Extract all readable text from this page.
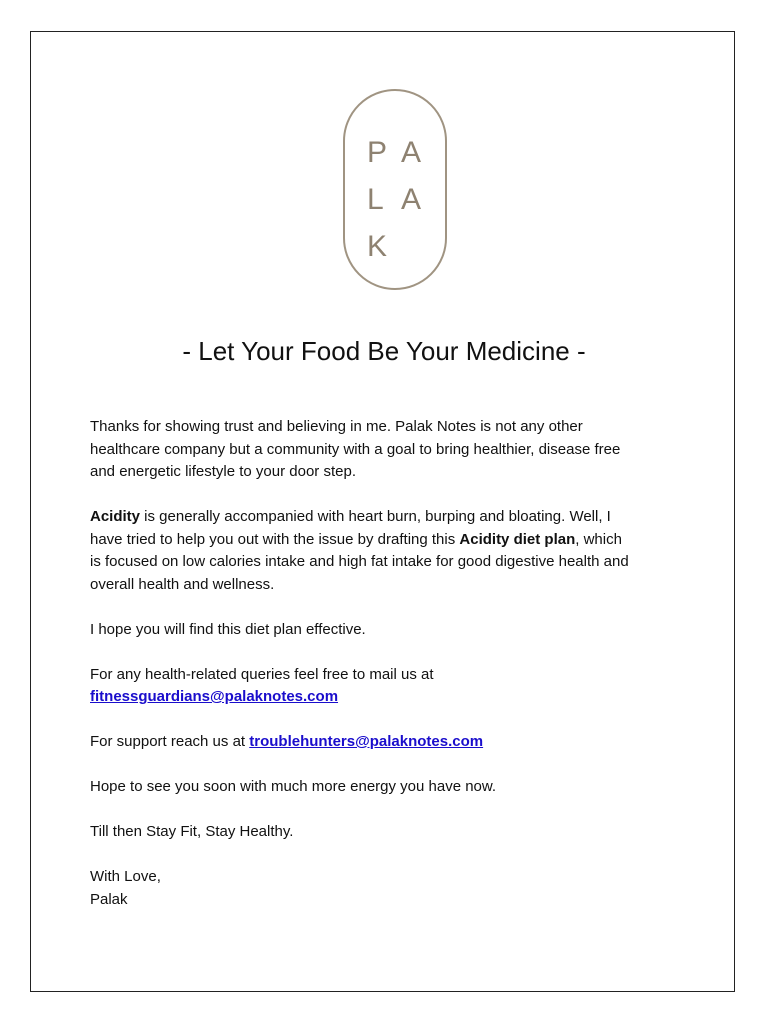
P A
L A
K
- Let Your Food Be Your Medicine -

Thanks for showing trust and believing in me. Palak Notes is not any other
healthcare company but a community with a goal to bring healthier, disease free
and energetic lifestyle to your door step.

Acidity is generally accompanied with heart burn, burping and bloating. Well, I
have tried to help you out with the issue by drafting this Acidity diet plan, which
is focused on low calories intake and high fat intake for good digestive health and
overall health and wellness.

I hope you will find this diet plan effective.

For any health-related queries feel free to mail us at
fitnessguardians@palaknotes.com

For support reach us at troublehunters@palaknotes.com

Hope to see you soon with much more energy you have now.

Till then Stay Fit, Stay Healthy.

With Love,
Palak
